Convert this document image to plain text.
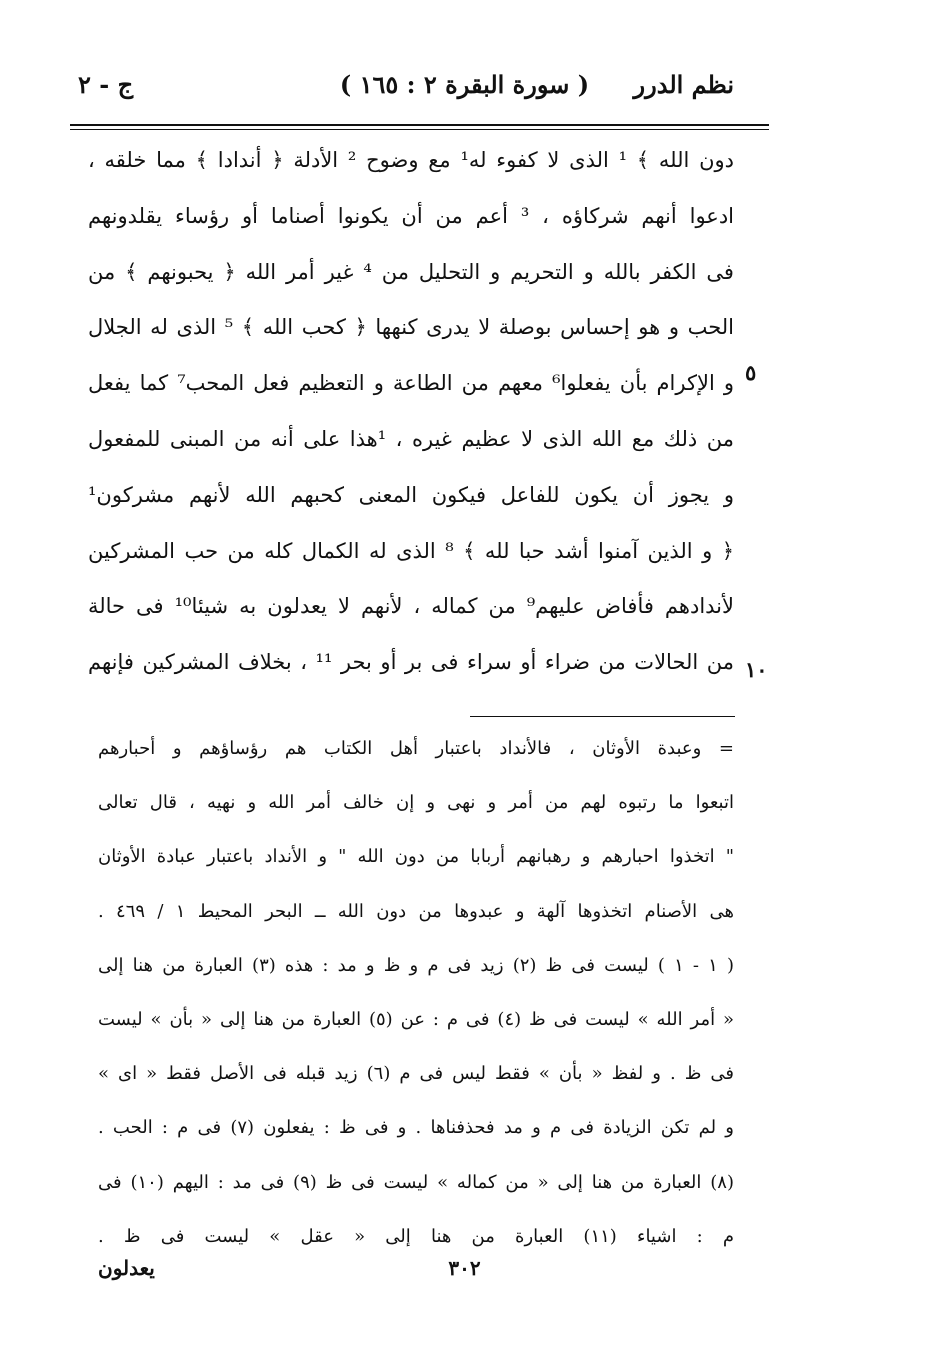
نظم الدرر
( سورة البقرة ٢ : ١٦٥ )
ج - ٢
دون الله ﴾ ¹ الذى لا كفوء له¹ مع وضوح ² الأدلة ﴿ أندادا ﴾ مما خلقه ،
ادعوا أنهم شركاؤه ، ³ أعم من أن يكونوا أصناما أو رؤساء يقلدونهم
فى الكفر بالله و التحريم و التحليل من ⁴ غير أمر الله ﴿ يحبونهم ﴾ من
الحب و هو إحساس بوصلة لا يدرى كنهها ﴿ كحب الله ﴾ ⁵ الذى له الجلال
و الإكرام بأن يفعلوا⁶ معهم من الطاعة و التعظيم فعل المحب⁷ كما يفعل
من ذلك مع الله الذى لا عظيم غيره ، ¹هذا على أنه من المبنى للمفعول
و يجوز أن يكون للفاعل فيكون المعنى كحبهم الله لأنهم مشركون¹
﴿ و الذين آمنوا أشد حبا لله ﴾ ⁸ الذى له الكمال كله من حب المشركين
لأندادهم فأفاض عليهم⁹ من كماله ، لأنهم لا يعدلون به شيئا¹⁰ فى حالة
من الحالات من ضراء أو سراء فى بر أو بحر ¹¹ ، بخلاف المشركين فإنهم
٥
١٠
= وعبدة الأوثان ، فالأنداد باعتبار أهل الكتاب هم رؤساؤهم و أحبارهم
اتبعوا ما رتبوه لهم من أمر و نهى و إن خالف أمر الله و نهيه ، قال تعالى
" اتخذوا احبارهم و رهبانهم أربابا من دون الله " و الأنداد باعتبار عبادة الأوثان
هى الأصنام اتخذوها آلهة و عبدوها من دون الله ــ البحر المحيط ١ / ٤٦٩ .
( ١ - ١ ) ليست فى ظ (٢) زيد فى م و ظ و مد : هذه (٣) العبارة من هنا إلى
« أمر الله » ليست فى ظ (٤) فى م : عن (٥) العبارة من هنا إلى « بأن » ليست
فى ظ . و لفظ « بأن » فقط ليس فى م (٦) زيد قبله فى الأصل فقط « اى »
و لم تكن الزيادة فى م و مد فحذفناها . و فى ظ : يفعلون (٧) فى م : الحب .
(٨) العبارة من هنا إلى « من كماله » ليست فى ظ (٩) فى مد : اليهم (١٠) فى
م : اشياء (١١) العبارة من هنا إلى « عقل » ليست فى ظ .
٣٠٢
يعدلون
